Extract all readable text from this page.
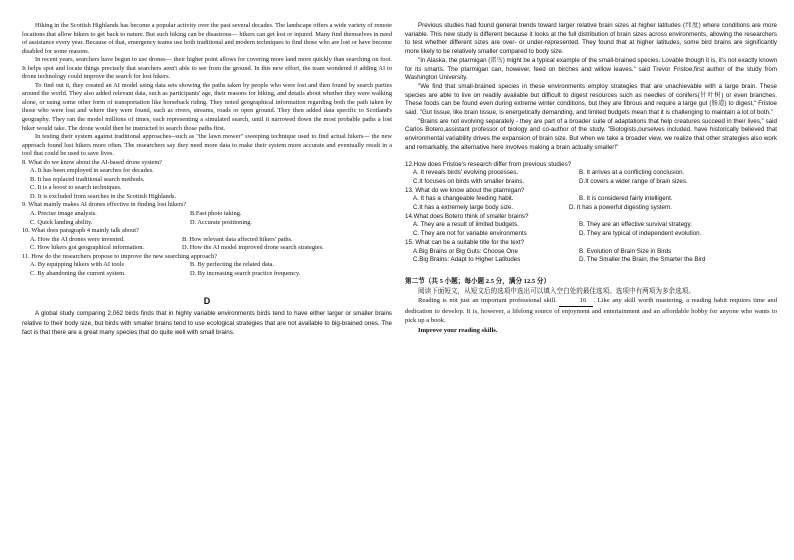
Hiking in the Scottish Highlands has become a popular activity over the past several decades. The landscape offers a wide variety of remote locations that allow hikers to get back to nature. But such hiking can be disastrous— hikers can get lost or injured. Many find themselves in need of assistance every year. Because of that, emergency teams use both traditional and modern techniques to find those who are lost or have become disabled for some reasons.

In recent years, searchers have begun to use drones— their higher point allows for covering more land more quickly than searching on foot. It helps spot and locate things precisely that searchers aren't able to see from the ground. In this new effort, the team wondered if adding AI to drone technology could improve the search for lost hikers.

To find out it, they created an AI model using data sets showing the paths taken by people who were lost and then found by search parties around the world. They also added relevant data, such as participants' age, their reasons for hiking, and details about whether they were walking alone, or using some other form of transportation like horseback riding. They noted geographical information regarding both the path taken by those who were lost and where they were found, such as rivers, streams, roads or open ground. They then added data specific to Scotland's geography. They ran the model millions of times, each representing a simulated search, until it narrowed down the most probable paths a lost hiker would take. The drone would then be instructed to search those paths first.

In testing their system against traditional approaches--such as "the lawn mower" sweeping technique used to find actual hikers— the new approach found lost hikers more often. The researchers say they need more data to make their system more accurate and eventually result in a tool that could be used to save lives.

8. What do we know about the AI-based drone system?

A. It has been employed in searches for decades.

B. It has replaced traditional search methods.

C. It is a boost to search techniques.

D. It is excluded from searches in the Scottish Highlands.

9. What mainly makes AI drones effective in finding lost hikers?

A. Precise image analysis.	B.Fast photo taking.
C. Quick landing ability.	D. Accurate positioning.

10. What does paragraph 4 mainly talk about?

A. How the AI drones were invented.	B. How relevant data affected hikers' paths.
C. How hikers got geographical information.	D. How the AI model improved drone search strategies.

11. How do the researchers propose to improve the new searching approach?

A. By equipping hikers with AI tools	B. By perfecting the related data.
C. By abandoning the current system.	D. By increasing search practice frequency.
D

A global study comparing 2,062 birds finds that in highly variable environments birds tend to have either larger or smaller brains relative to their body size, but birds with smaller brains tend to use ecological strategies that are not available to big-brained ones. The fact is that there are a great many species that do quite well with small brains.

Previous studies had found general trends toward larger relative brain sizes at higher latitudes (纬度) where conditions are more variable. This new study is different because it looks at the full distribution of brain sizes across environments, allowing the researchers to test whether different sizes are over- or under-represented. They found that at higher latitudes, some bird brains are significantly more likely to be relatively smaller compared to body size.

"In Alaska, the ptarmigan (雷鸟) might be a typical example of the small-brained species. Lovable though it is, it's not exactly known for its smarts. The ptarmigan can, however, feed on birches and willow leaves." said Trevor Fristoe,first author of the study from Washington University.

"We find that small-brained species in these environments employ strategies that are unachievable with a large brain. These species are able to live on readily available but difficult to digest resources such as needles of conifers(针叶树) or even branches. These foods can be found even during extreme winter conditions, but they are fibrous and require a large gut (肠道) to digest," Fristoe said. "Gut tissue, like brain tissue, is energetically demanding, and limited budgets mean that it is challenging to maintain a lot of both."

"Brains are not evolving separately - they are part of a broader suite of adaptations that help creatures succeed in their lives," said Carlos Botero,assistant professor of biology and co-author of the study. "Biologists,ourselves included, have historically believed that environmental variability drives the expansion of brain size. But when we take a broader view, we realize that other strategies also work and remarkably, the alternative here involves making a brain actually smaller!"

12.How does Fristoe's research differ from previous studies?

A. It reveals birds' evolving processes.	B. It arrives at a conflicting conclusion.
C.It focuses on birds with smaller brains.	D.It covers a wider range of brain sizes.

13. What do we know about the ptarmigan?

A. It has a changeable feeding habit.	B. It is considered fairly intelligent.
C.It has a extremely large body size.	D. It has a powerful digesting system.

14.What does Botero think of smaller brains?

A. They are a result of limited budgets.	B. They are an effective survival strategy.
C. They are not for variable environments	D. They are typical of independent evolution.

15. What can be a suitable title for the text?

A.Big Brains or Big Guts: Choose One	B. Evolution of Brain Size in Birds
C.Big Brains: Adapt to Higher Latitudes	D. The Smaller the Brain, the Smarter the Bird

第二节（共 5 小题；每小题 2.5 分，满分 12.5 分）

阅读下面短文，从短文后的选项中选出可以填入空白处的最佳选项。选项中有两项为多余选项。

Reading is not just an important professional skill.	16 . Like any skill worth mastering, a reading habit requires time and dedication to develop. It is, however, a lifelong source of enjoyment and entertainment and an affordable hobby for anyone who wants to pick up a book.

Improve your reading skills.
